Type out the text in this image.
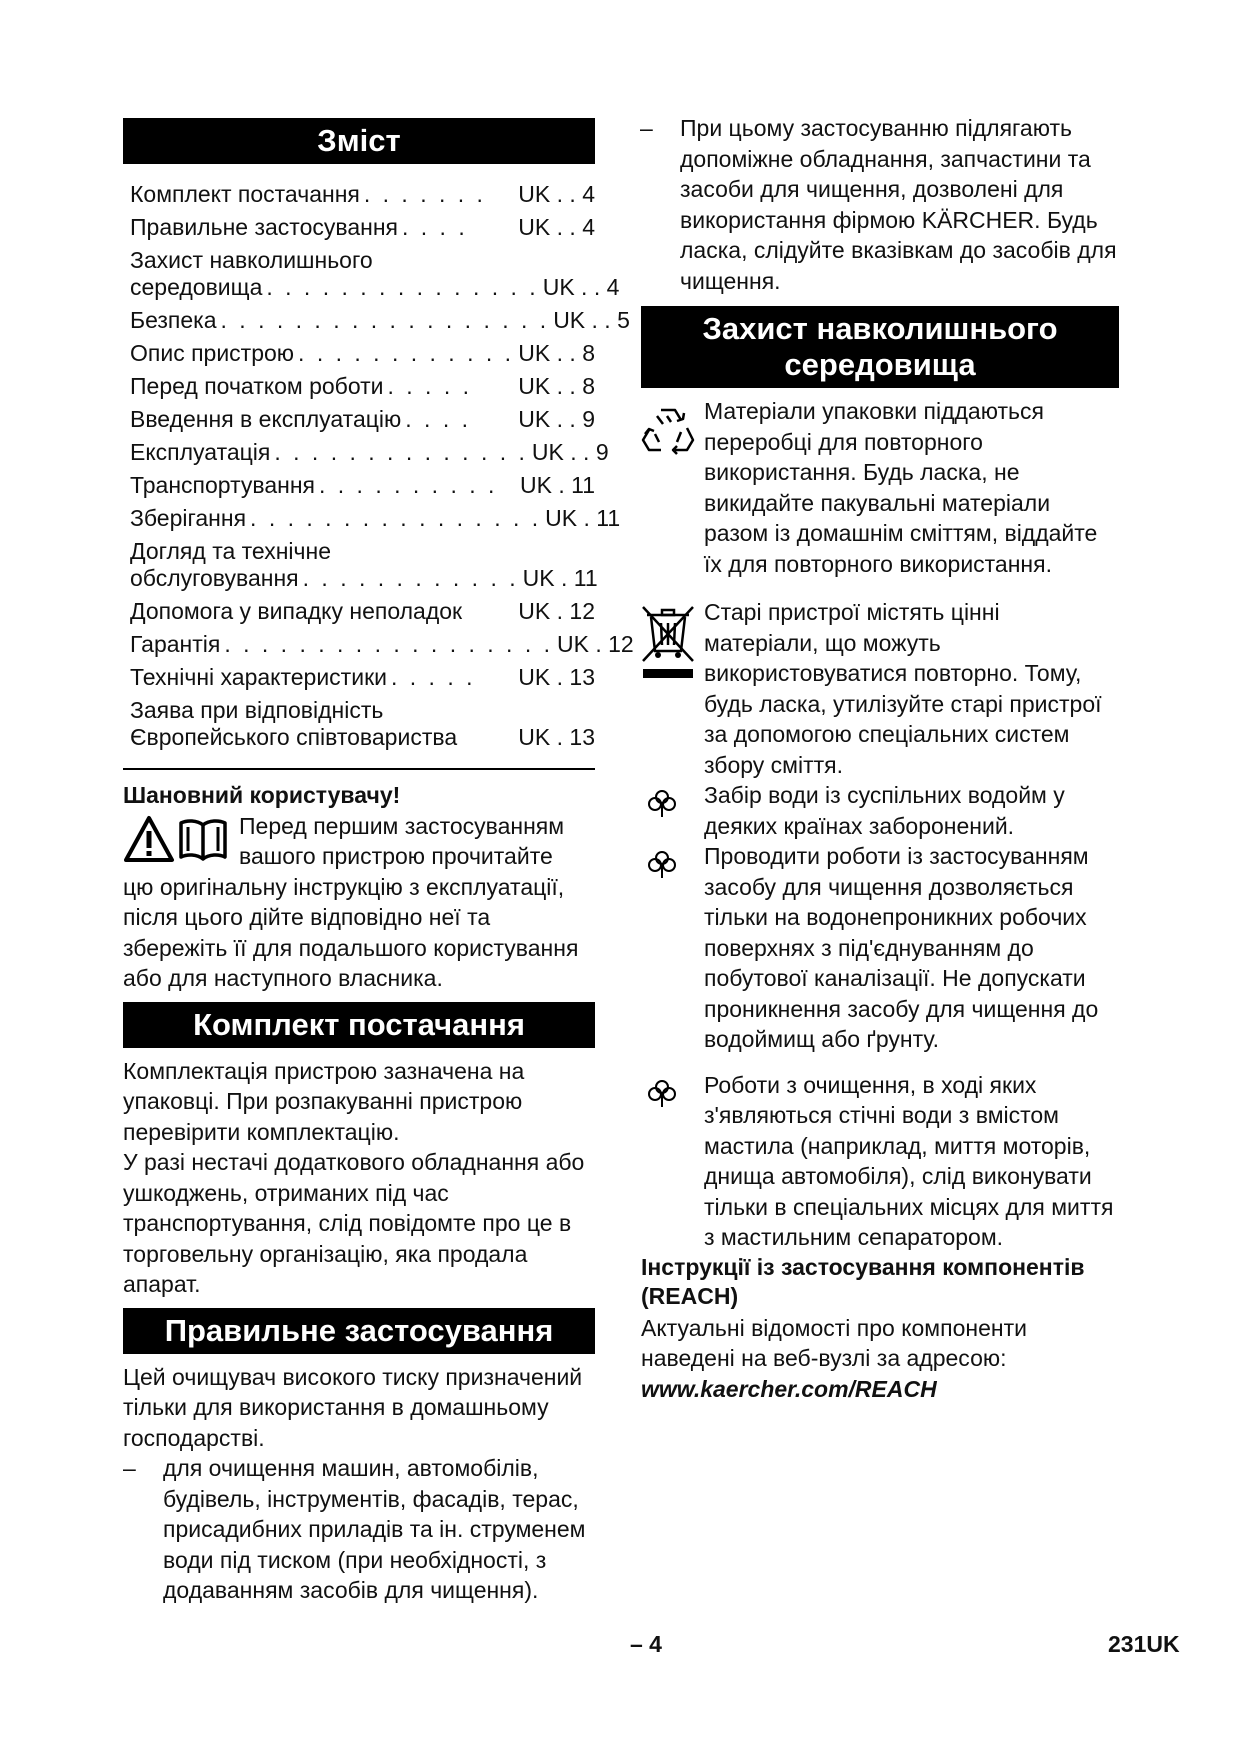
Зміст
Комплект постачання . . . . . . .	UK . . 4
Правильне застосування . . . .	UK . . 4
Захист навколишнього
середовища . . . . . . . . . . . . . . . UK . . 4
Безпека . . . . . . . . . . . . . . . . . . UK . . 5
Опис пристрою . . . . . . . . . . . . UK . . 8
Перед початком роботи . . . . .	UK . . 8
Введення в експлуатацію . . . .	UK . . 9
Експлуатація . . . . . . . . . . . . . . UK . . 9
Транспортування . . . . . . . . . . UK . 11
Зберігання . . . . . . . . . . . . . . . . UK . 11
Догляд та технічне
обслуговування . . . . . . . . . . . . UK . 11
Допомога у випадку неполадок UK . 12
Гарантія . . . . . . . . . . . . . . . . . . UK . 12
Технічні характеристики . . . . .	UK . 13
Заява при відповідність
Європейського співтовариства	UK . 13
Шановний користувачу!
Перед першим застосуванням вашого пристрою прочитайте
цю оригінальну інструкцію з експлуатації, після цього дійте відповідно неї та збережіть її для подальшого користування або для наступного власника.
Комплект постачання
Комплектація пристрою зазначена на упаковці. При розпакуванні пристрою перевірити комплектацію.
У разі нестачі додаткового обладнання або ушкоджень, отриманих під час транспортування, слід повідомте про це в торговельну організацію, яка продала апарат.
Правильне застосування
Цей очищувач високого тиску призначений тільки для використання в домашньому господарстві.
–	для очищення машин, автомобілів, будівель, інструментів, фасадів, терас, присадибних приладів та ін. струменем води під тиском (при необхідності, з додаванням засобів для чищення).
–	При цьому застосуванню підлягають допоміжне обладнання, запчастини та засоби для чищення, дозволені для використання фірмою KÄRCHER. Будь ласка, слідуйте вказівкам до засобів для чищення.
Захист навколишнього
середовища
Матеріали упаковки піддаються переробці для повторного використання. Будь ласка, не викидайте пакувальні матеріали разом із домашнім сміттям, віддайте їх для повторного використання.
Старі пристрої містять цінні матеріали, що можуть використовуватися повторно. Тому, будь ласка, утилізуйте старі пристрої за допомогою спеціальних систем збору сміття.
Забір води із суспільних водойм у деяких країнах заборонений.
Проводити роботи із застосуванням засобу для чищення дозволяється тільки на водонепроникних робочих поверхнях з під'єднуванням до побутової каналізації. Не допускати проникнення засобу для чищення до водоймищ або ґрунту.
Роботи з очищення, в ході яких з'являються стічні води з вмістом мастила (наприклад, миття моторів, днища автомобіля), слід виконувати тільки в спеціальних місцях для миття з мастильним сепаратором.
Інструкції із застосування компонентів (REACH)
Актуальні відомості про компоненти наведені на веб-вузлі за адресою:
www.kaercher.com/REACH
– 4	231UK
